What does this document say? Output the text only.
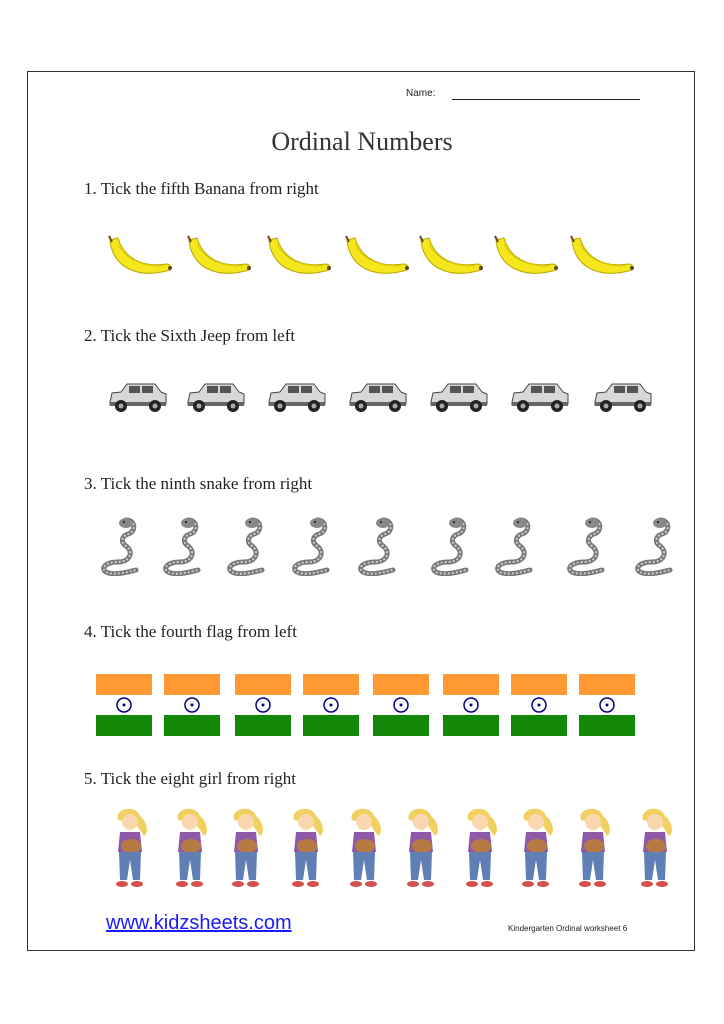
Name:
Ordinal Numbers
1. Tick the fifth Banana from right
2. Tick the Sixth Jeep from left
3. Tick the ninth snake from right
4. Tick the fourth flag from left
5. Tick the eight girl from right
www.kidzsheets.com	Kindergarten Ordinal worksheet 6
